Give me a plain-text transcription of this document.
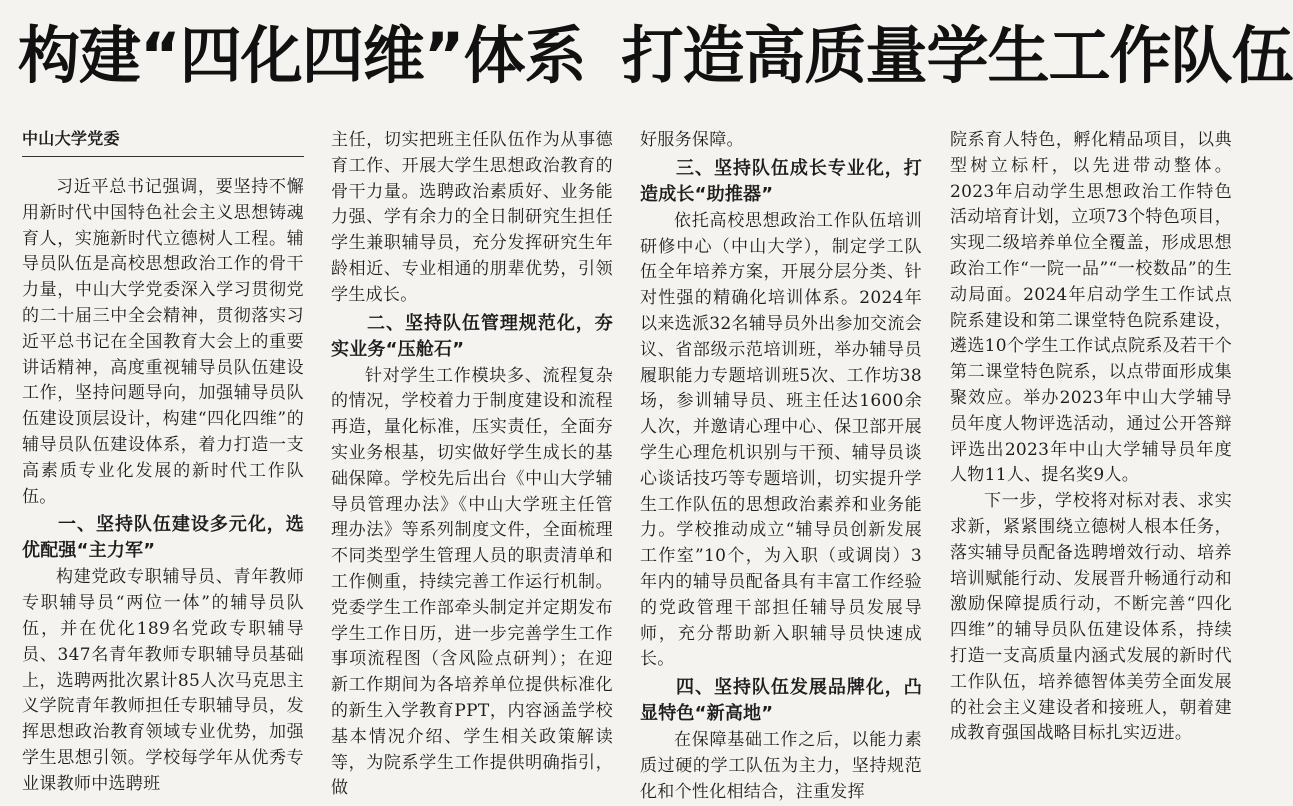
构建“四化四维”体系 打造高质量学生工作队伍
中山大学党委

习近平总书记强调，要坚持不懈用新时代中国特色社会主义思想铸魂育人，实施新时代立德树人工程。辅导员队伍是高校思想政治工作的骨干力量，中山大学党委深入学习贯彻党的二十届三中全会精神，贯彻落实习近平总书记在全国教育大会上的重要讲话精神，高度重视辅导员队伍建设工作，坚持问题导向，加强辅导员队伍建设顶层设计，构建“四化四维”的辅导员队伍建设体系，着力打造一支高素质专业化发展的新时代工作队伍。

一、坚持队伍建设多元化，选优配强“主力军”

构建党政专职辅导员、青年教师专职辅导员“两位一体”的辅导员队伍，并在优化189名党政专职辅导员、347名青年教师专职辅导员基础上，选聘两批次累计85人次马克思主义学院青年教师担任专职辅导员，发挥思想政治教育领域专业优势，加强学生思想引领。学校每学年从优秀专业课教师中选聘班

主任，切实把班主任队伍作为从事德育工作、开展大学生思想政治教育的骨干力量。选聘政治素质好、业务能力强、学有余力的全日制研究生担任学生兼职辅导员，充分发挥研究生年龄相近、专业相通的朋辈优势，引领学生成长。

二、坚持队伍管理规范化，夯实业务“压舱石”

针对学生工作模块多、流程复杂的情况，学校着力于制度建设和流程再造，量化标准，压实责任，全面夯实业务根基，切实做好学生成长的基础保障。学校先后出台《中山大学辅导员管理办法》《中山大学班主任管理办法》等系列制度文件，全面梳理不同类型学生管理人员的职责清单和工作侧重，持续完善工作运行机制。党委学生工作部牵头制定并定期发布学生工作日历，进一步完善学生工作事项流程图（含风险点研判）；在迎新工作期间为各培养单位提供标准化的新生入学教育PPT，内容涵盖学校基本情况介绍、学生相关政策解读等，为院系学生工作提供明确指引，做

好服务保障。

三、坚持队伍成长专业化，打造成长“助推器”

依托高校思想政治工作队伍培训研修中心（中山大学），制定学工队伍全年培养方案，开展分层分类、针对性强的精确化培训体系。2024年以来选派32名辅导员外出参加交流会议、省部级示范培训班，举办辅导员履职能力专题培训班5次、工作坊38场，参训辅导员、班主任达1600余人次，并邀请心理中心、保卫部开展学生心理危机识别与干预、辅导员谈心谈话技巧等专题培训，切实提升学生工作队伍的思想政治素养和业务能力。学校推动成立“辅导员创新发展工作室”10个，为入职（或调岗）3年内的辅导员配备具有丰富工作经验的党政管理干部担任辅导员发展导师，充分帮助新入职辅导员快速成长。

四、坚持队伍发展品牌化，凸显特色“新高地”

在保障基础工作之后，以能力素质过硬的学工队伍为主力，坚持规范化和个性化相结合，注重发挥

院系育人特色，孵化精品项目，以典型树立标杆，以先进带动整体。2023年启动学生思想政治工作特色活动培育计划，立项73个特色项目，实现二级培养单位全覆盖，形成思想政治工作“一院一品”“一校数品”的生动局面。2024年启动学生工作试点院系建设和第二课堂特色院系建设，遴选10个学生工作试点院系及若干个第二课堂特色院系，以点带面形成集聚效应。举办2023年中山大学辅导员年度人物评选活动，通过公开答辩评选出2023年中山大学辅导员年度人物11人、提名奖9人。

下一步，学校将对标对表、求实求新，紧紧围绕立德树人根本任务，落实辅导员配备选聘增效行动、培养培训赋能行动、发展晋升畅通行动和激励保障提质行动，不断完善“四化四维”的辅导员队伍建设体系，持续打造一支高质量内涵式发展的新时代工作队伍，培养德智体美劳全面发展的社会主义建设者和接班人，朝着建成教育强国战略目标扎实迈进。
